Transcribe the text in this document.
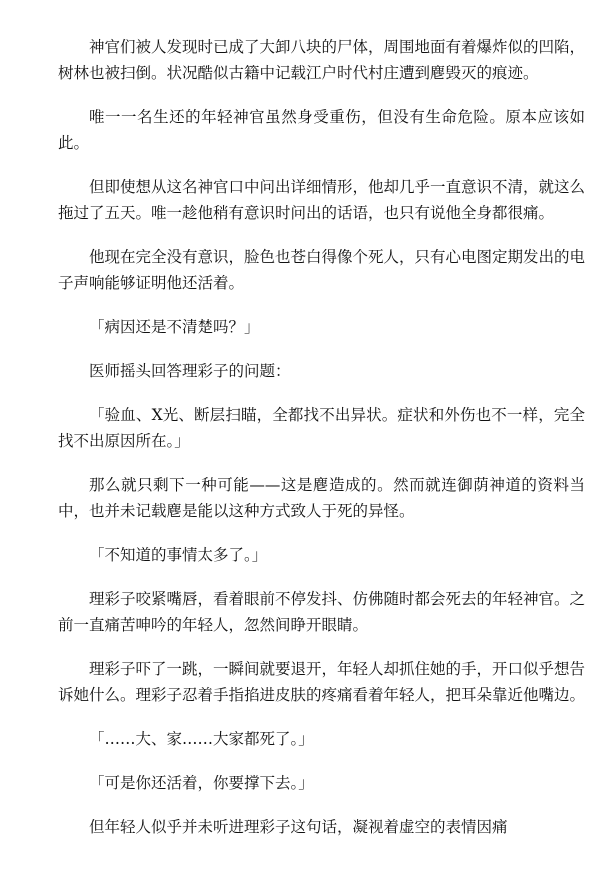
神官们被人发现时已成了大卸八块的尸体，周围地面有着爆炸似的凹陷，树林也被扫倒。状况酷似古籍中记载江户时代村庄遭到麀毁灭的痕迹。

唯一一名生还的年轻神官虽然身受重伤，但没有生命危险。原本应该如此。

但即使想从这名神官口中问出详细情形，他却几乎一直意识不清，就这么拖过了五天。唯一趁他稍有意识时问出的话语，也只有说他全身都很痛。

他现在完全没有意识，脸色也苍白得像个死人，只有心电图定期发出的电子声响能够证明他还活着。

「病因还是不清楚吗？」

医师摇头回答理彩子的问题：

「验血、X光、断层扫瞄，全都找不出异状。症状和外伤也不一样，完全找不出原因所在。」

那么就只剩下一种可能——这是麀造成的。然而就连御荫神道的资料当中，也并未记载麀是能以这种方式致人于死的异怪。

「不知道的事情太多了。」

理彩子咬紧嘴唇，看着眼前不停发抖、仿佛随时都会死去的年轻神官。之前一直痛苦呻吟的年轻人，忽然间睁开眼睛。

理彩子吓了一跳，一瞬间就要退开，年轻人却抓住她的手，开口似乎想告诉她什么。理彩子忍着手指掐进皮肤的疼痛看着年轻人，把耳朵靠近他嘴边。

「……大、家……大家都死了。」

「可是你还活着，你要撑下去。」

但年轻人似乎并未听进理彩子这句话，凝视着虚空的表情因痛
